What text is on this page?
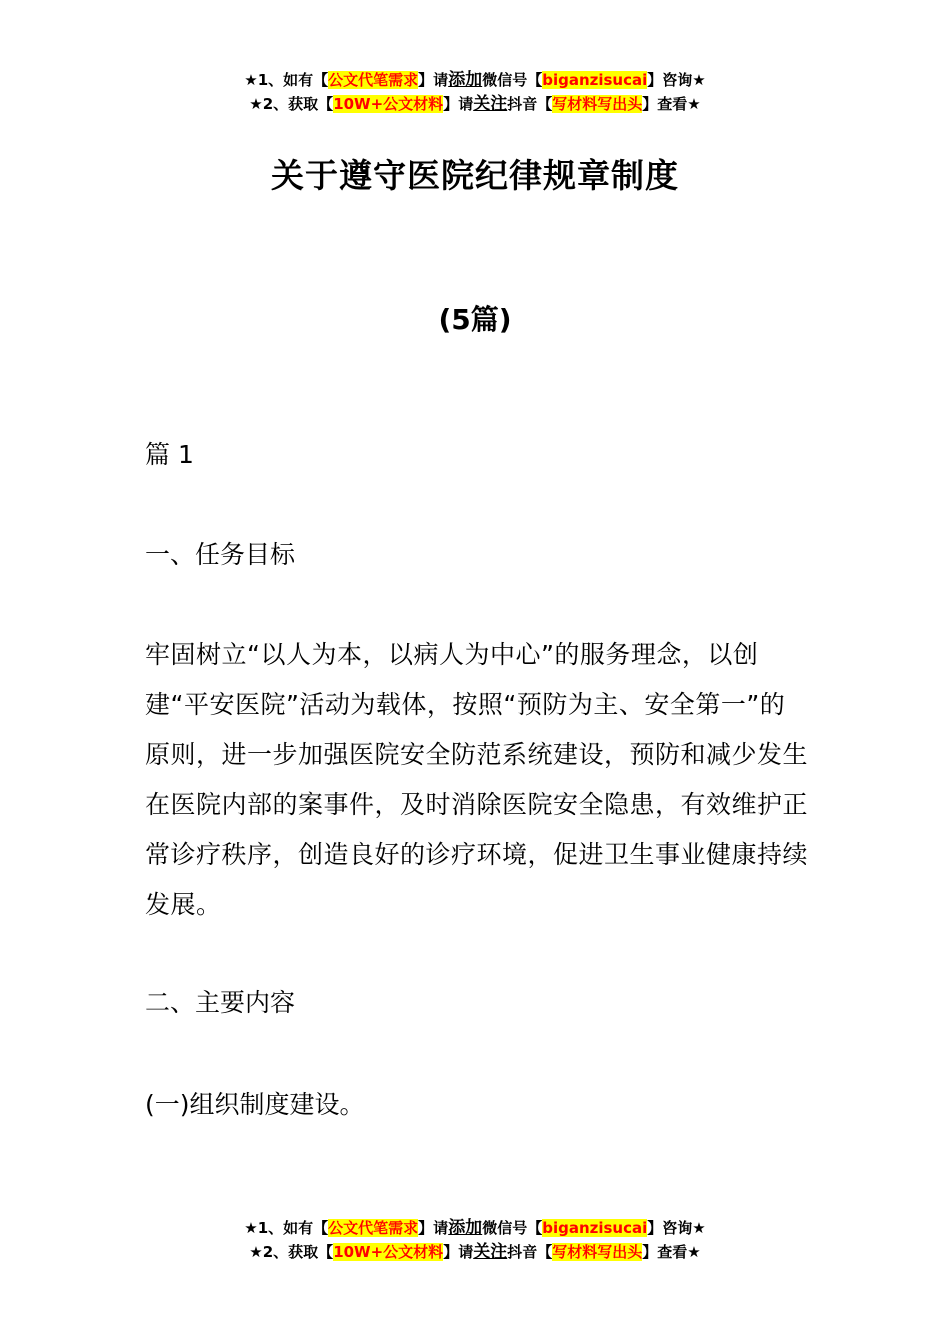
★1、如有【公文代笔需求】请添加微信号【biganzisucai】咨询★
★2、获取【10W+公文材料】请关注抖音【写材料写出头】查看★
关于遵守医院纪律规章制度
(5篇)
篇 1
一、任务目标
牢固树立“以人为本，以病人为中心”的服务理念，以创建“平安医院”活动为载体，按照“预防为主、安全第一”的原则，进一步加强医院安全防范系统建设，预防和减少发生在医院内部的案事件，及时消除医院安全隐患，有效维护正常诊疗秩序，创造良好的诊疗环境，促进卫生事业健康持续发展。
二、主要内容
(一)组织制度建设。
★1、如有【公文代笔需求】请添加微信号【biganzisucai】咨询★
★2、获取【10W+公文材料】请关注抖音【写材料写出头】查看★
